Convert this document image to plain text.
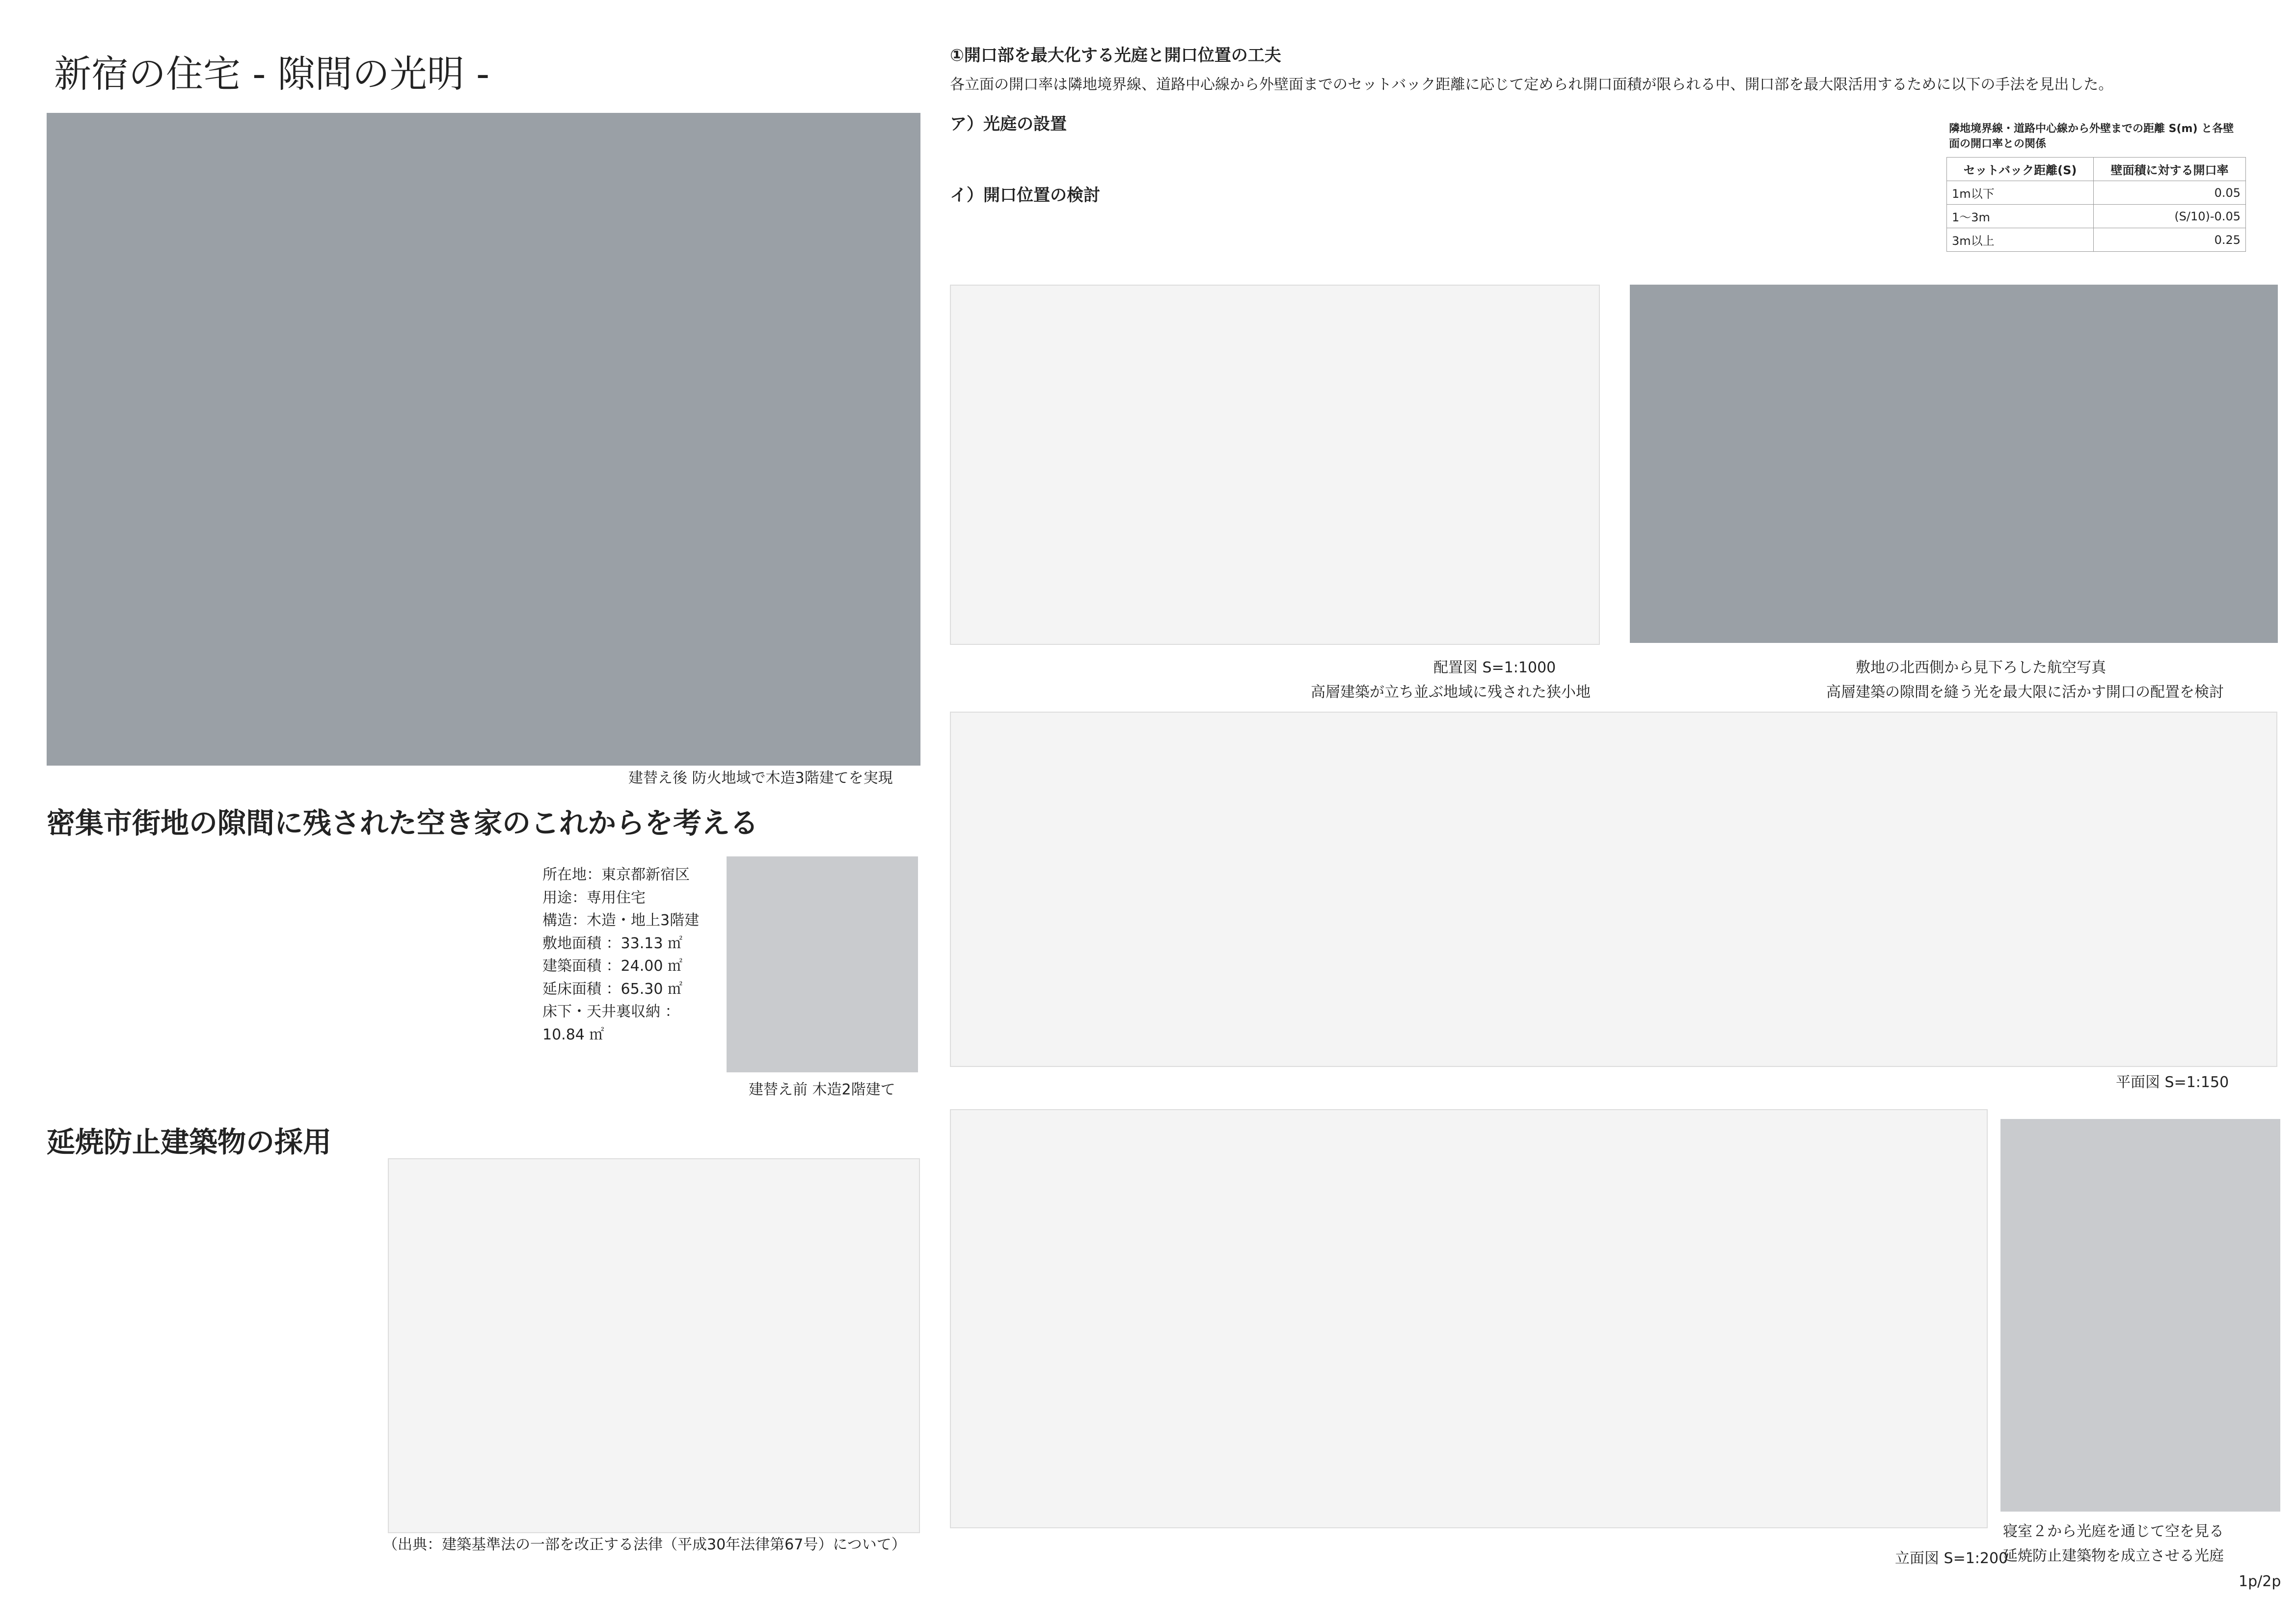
新宿の住宅 - 隙間の光明 -
建替え後 防火地域で木造3階建てを実現
密集市街地の隙間に残された空き家のこれからを考える
所在地：東京都新宿区
用途：専用住宅
構造：木造・地上3階建
敷地面積 ：33.13 ㎡
建築面積 ：24.00 ㎡
延床面積 ：65.30 ㎡
床下・天井裏収納 ：10.84 ㎡
建替え前 木造2階建て
延焼防止建築物の採用
（出典：建築基準法の一部を改正する法律（平成30年法律第67号）について）
①開口部を最大化する光庭と開口位置の工夫
各立面の開口率は隣地境界線、道路中心線から外壁面までのセットバック距離に応じて定められ開口面積が限られる中、開口部を最大限活用するために以下の手法を見出した。
ア）光庭の設置
イ）開口位置の検討
隣地境界線・道路中心線から外壁までの距離 S(m) と各壁面の開口率との関係
セットバック距離(S)	壁面積に対する開口率
1m以下	0.05
1〜3m	(S/10)-0.05
3m以上	0.25
配置図 S=1:1000
高層建築が立ち並ぶ地域に残された狭小地
敷地の北西側から見下ろした航空写真
高層建築の隙間を縫う光を最大限に活かす開口の配置を検討
平面図 S=1:150
立面図 S=1:200
寝室２から光庭を通じて空を見る
延焼防止建築物を成立させる光庭
1p/2p
